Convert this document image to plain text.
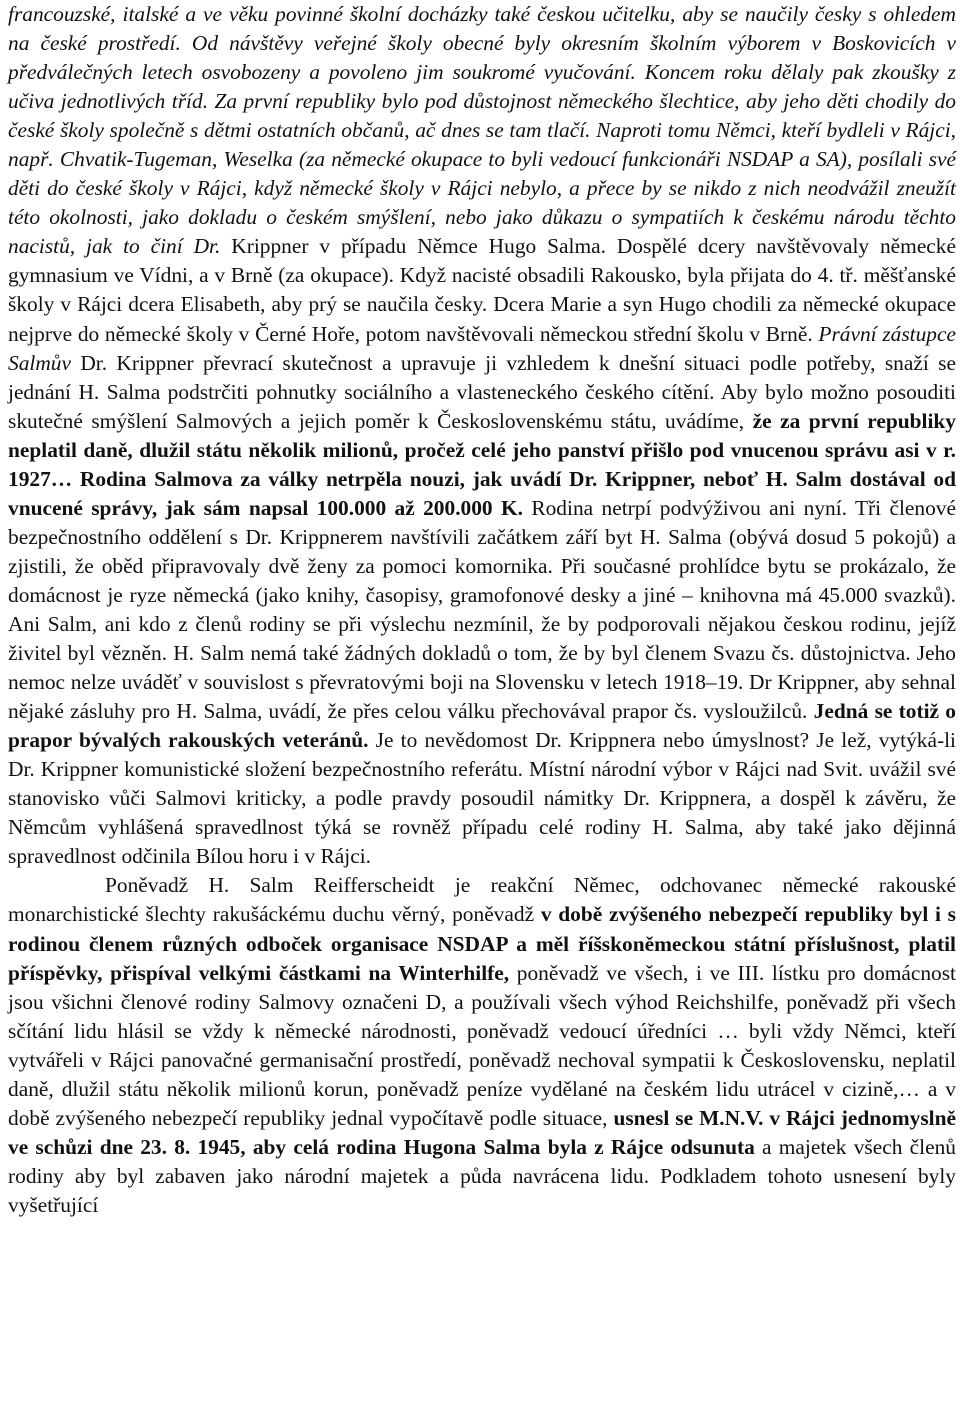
francouzské, italské a ve věku povinné školní docházky také českou učitelku, aby se naučily česky s ohledem na české prostředí. Od návštěvy veřejné školy obecné byly okresním školním výborem v Boskovicích v předválečných letech osvobozeny a povoleno jim soukromé vyučování. Koncem roku dělaly pak zkoušky z učiva jednotlivých tříd. Za první republiky bylo pod důstojnost německého šlechtice, aby jeho děti chodily do české školy společně s dětmi ostatních občanů, ač dnes se tam tlačí. Naproti tomu Němci, kteří bydleli v Rájci, např. Chvatik-Tugeman, Weselka (za německé okupace to byli vedoucí funkcionáři NSDAP a SA), posílali své děti do české školy v Rájci, když německé školy v Rájci nebylo, a přece by se nikdo z nich neodvážil zneužít této okolnosti, jako dokladu o českém smýšlení, nebo jako důkazu o sympatiích k českému národu těchto nacistů, jak to činí Dr. Krippner v případu Němce Hugo Salma. Dospělé dcery navštěvovaly německé gymnasium ve Vídni, a v Brně (za okupace). Když nacisté obsadili Rakousko, byla přijata do 4. tř. měšťanské školy v Rájci dcera Elisabeth, aby prý se naučila česky. Dcera Marie a syn Hugo chodili za německé okupace nejprve do německé školy v Černé Hoře, potom navštěvovali německou střední školu v Brně. Právní zástupce Salmův Dr. Krippner převrací skutečnost a upravuje ji vzhledem k dnešní situaci podle potřeby, snaží se jednání H. Salma podstrčiti pohnutky sociálního a vlasteneckého českého cítění. Aby bylo možno posouditi skutečné smýšlení Salmových a jejich poměr k Československému státu, uvádíme, že za první republiky neplatil daně, dlužil státu několik milionů, pročež celé jeho panství přišlo pod vnucenou správu asi v r. 1927… Rodina Salmova za války netrpěla nouzi, jak uvádí Dr. Krippner, neboť H. Salm dostával od vnucené správy, jak sám napsal 100.000 až 200.000 K. Rodina netrpí podvýživou ani nyní. Tři členové bezpečnostního oddělení s Dr. Krippnerem navštívili začátkem září byt H. Salma (obývá dosud 5 pokojů) a zjistili, že oběd připravovaly dvě ženy za pomoci komornika. Při současné prohlídce bytu se prokázalo, že domácnost je ryze německá (jako knihy, časopisy, gramofonové desky a jiné – knihovna má 45.000 svazků). Ani Salm, ani kdo z členů rodiny se při výslechu nezmínil, že by podporovali nějakou českou rodinu, jejíž živitel byl vězněn. H. Salm nemá také žádných dokladů o tom, že by byl členem Svazu čs. důstojnictva. Jeho nemoc nelze uváděť v souvislost s převratovými boji na Slovensku v letech 1918–19. Dr Krippner, aby sehnal nějaké zásluhy pro H. Salma, uvádí, že přes celou válku přechovával prapor čs. vysloužilců. Jedná se totiž o prapor bývalých rakouských veteránů. Je to nevědomost Dr. Krippnera nebo úmyslnost? Je lež, vytýká-li Dr. Krippner komunistické složení bezpečnostního referátu. Místní národní výbor v Rájci nad Svit. uvážil své stanovisko vůči Salmovi kriticky, a podle pravdy posoudil námitky Dr. Krippnera, a dospěl k závěru, že Němcům vyhlášená spravedlnost týká se rovněž případu celé rodiny H. Salma, aby také jako dějinná spravedlnost odčinila Bílou horu i v Rájci.

Poněvadž H. Salm Reifferscheidt je reakční Němec, odchovanec německé rakouské monarchistické šlechty rakušáckému duchu věrný, poněvadž v době zvýšeného nebezpečí republiky byl i s rodinou členem různých odboček organisace NSDAP a měl říšskoněmeckou státní příslušnost, platil příspěvky, přispíval velkými částkami na Winterhilfe, poněvadž ve všech, i ve III. lístku pro domácnost jsou všichni členové rodiny Salmovy označeni D, a používali všech výhod Reichshilfe, poněvadž při všech sčítání lidu hlásil se vždy k německé národnosti, poněvadž vedoucí úředníci … byli vždy Němci, kteří vytvářeli v Rájci panovačné germanisační prostředí, poněvadž nechoval sympatii k Československu, neplatil daně, dlužil státu několik milionů korun, poněvadž peníze vydělané na českém lidu utrácel v cizině,… a v době zvýšeného nebezpečí republiky jednal vypočítavě podle situace, usnesl se M.N.V. v Rájci jednomyslně ve schůzi dne 23. 8. 1945, aby celá rodina Hugona Salma byla z Rájce odsunuta a majetek všech členů rodiny aby byl zabaven jako národní majetek a půda navrácena lidu. Podkladem tohoto usnesení byly vyšetřující
